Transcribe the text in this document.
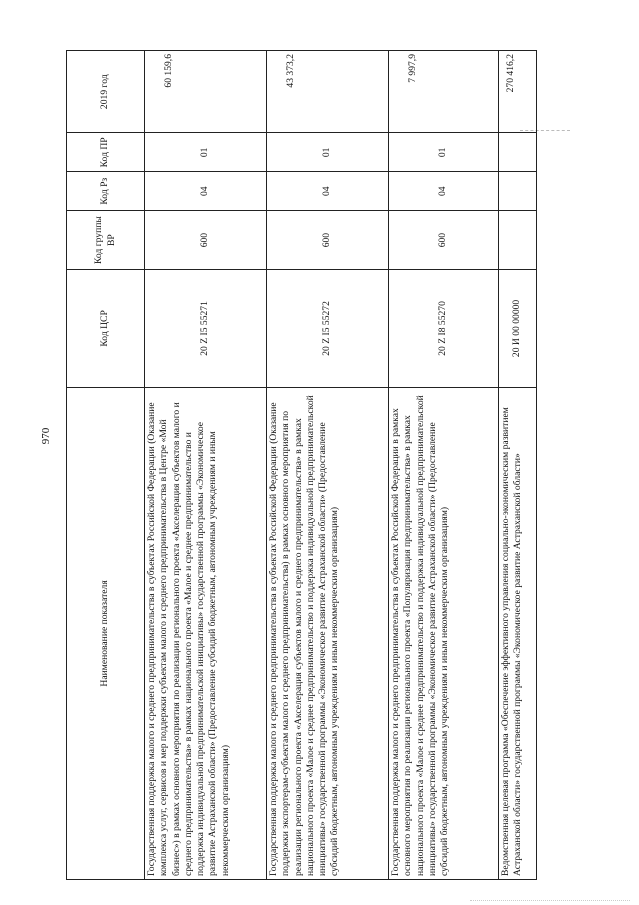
970
Наименование показателя	Код ЦСР	Код группы ВР	Код Рз	Код ПР	2019 год
Государственная поддержка малого и среднего предпринимательства в субъектах Российской Федерации (Оказание комплекса услуг, сервисов и мер поддержки субъектам малого и среднего предпринимательства в Центре «Мой бизнес») в рамках основного мероприятия по реализации регионального проекта «Акселерация субъектов малого и среднего предпринимательства» в рамках национального проекта «Малое и среднее предпринимательство и поддержка индивидуальной предпринимательской инициативы» государственной программы «Экономическое развитие Астраханской области» (Предоставление субсидий бюджетным, автономным учреждениям и иным некоммерческим организациям)	20 Z I5 55271	600	04	01	60 159,6
Государственная поддержка малого и среднего предпринимательства в субъектах Российской Федерации (Оказание поддержки экспортерам-субъектам малого и среднего предпринимательства) в рамках основного мероприятия по реализации регионального проекта «Акселерация субъектов малого и среднего предпринимательства» в рамках национального проекта «Малое и среднее предпринимательство и поддержка индивидуальной предпринимательской инициативы» государственной программы «Экономическое развитие Астраханской области» (Предоставление субсидий бюджетным, автономным учреждениям и иным некоммерческим организациям)	20 Z I5 55272	600	04	01	43 373,2
Государственная поддержка малого и среднего предпринимательства в субъектах Российской Федерации в рамках основного мероприятия по реализации регионального проекта «Популяризация предпринимательства» в рамках национального проекта «Малое и среднее предпринимательство и поддержка индивидуальной предпринимательской инициативы» государственной программы «Экономическое развитие Астраханской области» (Предоставление субсидий бюджетным, автономным учреждениям и иным некоммерческим организациям)	20 Z I8 55270	600	04	01	7 997,9
Ведомственная целевая программа «Обеспечение эффективного управления социально-экономическим развитием Астраханской области» государственной программы «Экономическое развитие Астраханской области»	20 И 00 00000				270 416,2
